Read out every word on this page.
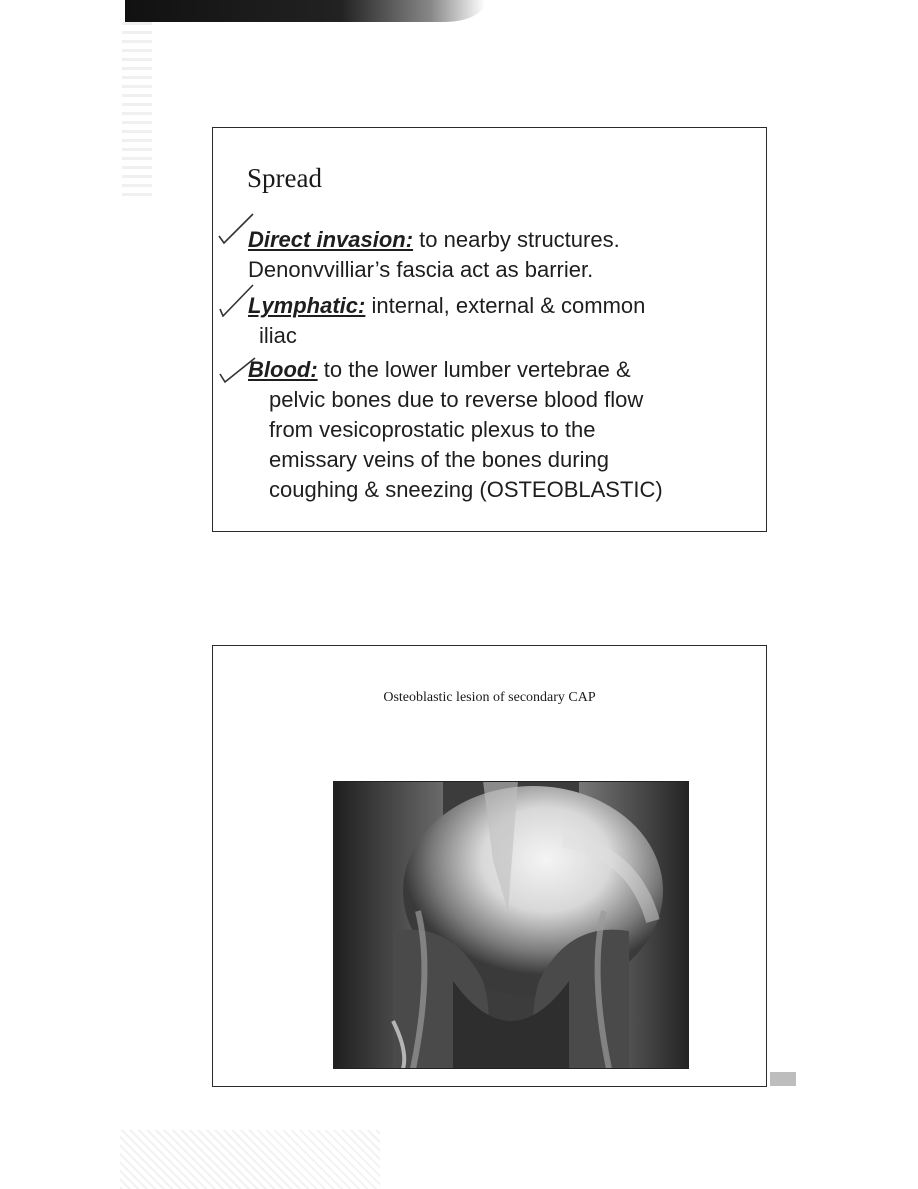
Spread
Direct invasion: to nearby structures.
Denonvvilliar’s fascia act as barrier.
Lymphatic: internal, external & common
iliac
Blood: to the lower lumber vertebrae &
pelvic bones due to reverse blood flow
from vesicoprostatic plexus to the
emissary veins of the bones during
coughing & sneezing (OSTEOBLASTIC)
Osteoblastic lesion of secondary CAP
